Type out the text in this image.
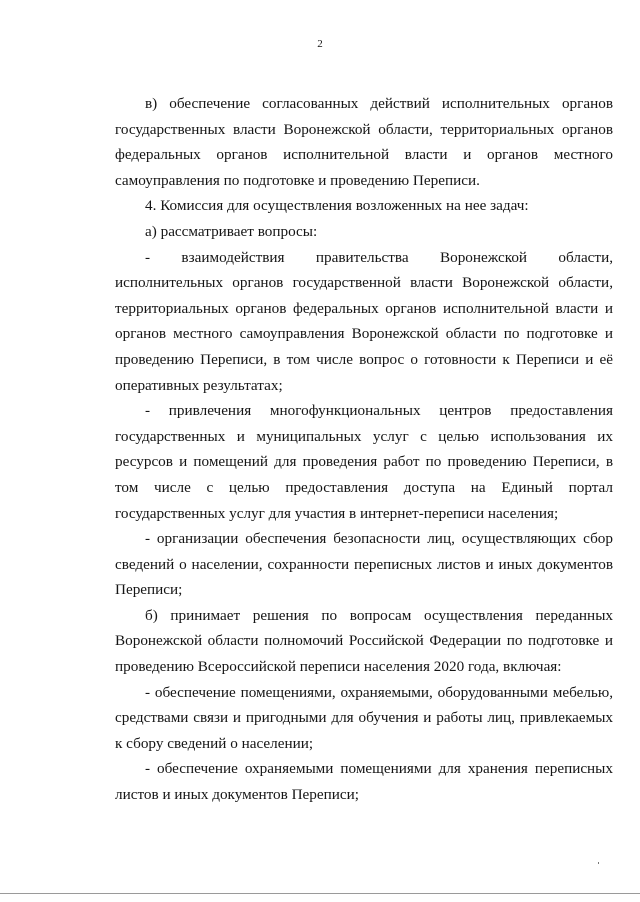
2

в) обеспечение согласованных действий исполнительных органов государственных власти Воронежской области, территориальных органов федеральных органов исполнительной власти и органов местного самоуправления по подготовке и проведению Переписи.

4. Комиссия для осуществления возложенных на нее задач:

а) рассматривает вопросы:

- взаимодействия правительства Воронежской области, исполнительных органов государственной власти Воронежской области, территориальных органов федеральных органов исполнительной власти и органов местного самоуправления Воронежской области по подготовке и проведению Переписи, в том числе вопрос о готовности к Переписи и её оперативных результатах;

- привлечения многофункциональных центров предоставления государственных и муниципальных услуг с целью использования их ресурсов и помещений для проведения работ по проведению Переписи, в том числе с целью предоставления доступа на Единый портал государственных услуг для участия в интернет-переписи населения;

- организации обеспечения безопасности лиц, осуществляющих сбор сведений о населении, сохранности переписных листов и иных документов Переписи;

б) принимает решения по вопросам осуществления переданных Воронежской области полномочий Российской Федерации по подготовке и проведению Всероссийской переписи населения 2020 года, включая:

- обеспечение помещениями, охраняемыми, оборудованными мебелью, средствами связи и пригодными для обучения и работы лиц, привлекаемых к сбору сведений о населении;

- обеспечение охраняемыми помещениями для хранения переписных листов и иных документов Переписи;
